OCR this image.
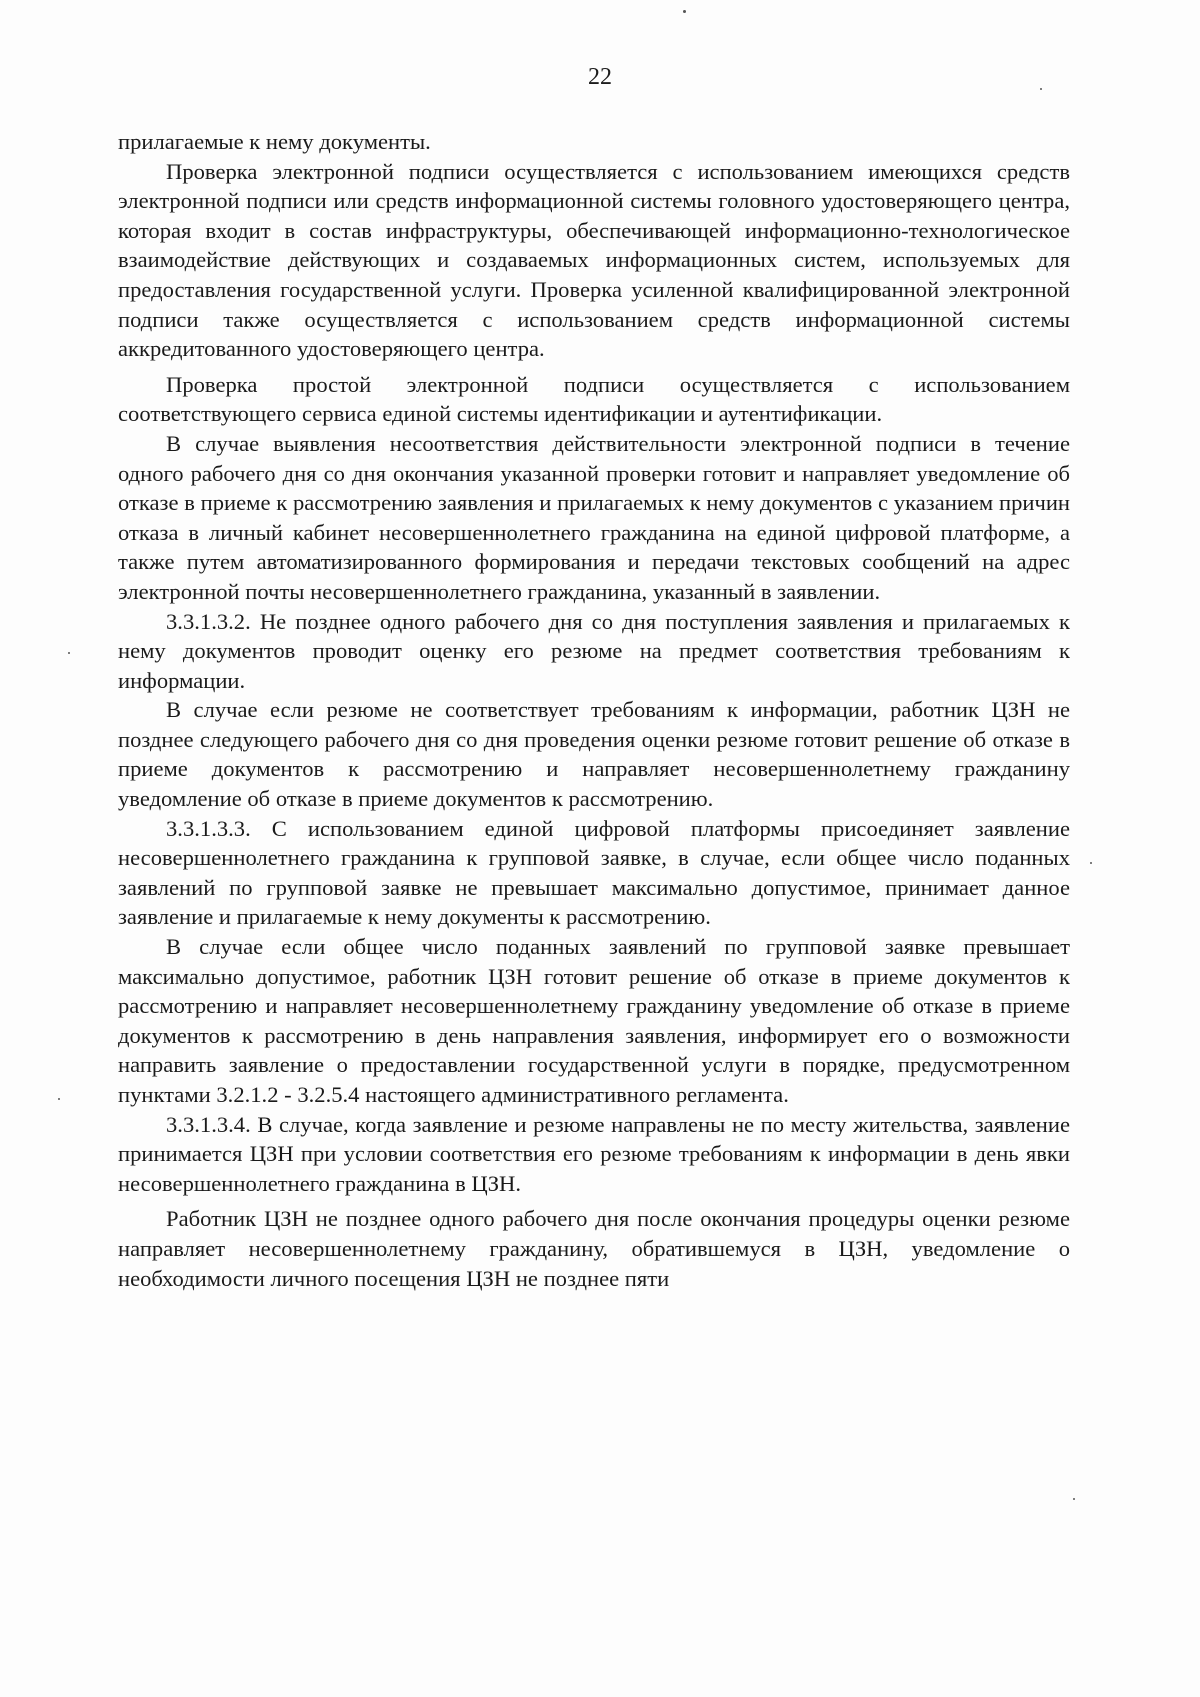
22

прилагаемые к нему документы.

Проверка электронной подписи осуществляется с использованием имеющихся средств электронной подписи или средств информационной системы головного удостоверяющего центра, которая входит в состав инфраструктуры, обеспечивающей информационно-технологическое взаимодействие действующих и создаваемых информационных систем, используемых для предоставления государственной услуги. Проверка усиленной квалифицированной электронной подписи также осуществляется с использованием средств информационной системы аккредитованного удостоверяющего центра.

Проверка простой электронной подписи осуществляется с использованием соответствующего сервиса единой системы идентификации и аутентификации.

В случае выявления несоответствия действительности электронной подписи в течение одного рабочего дня со дня окончания указанной проверки готовит и направляет уведомление об отказе в приеме к рассмотрению заявления и прилагаемых к нему документов с указанием причин отказа в личный кабинет несовершеннолетнего гражданина на единой цифровой платформе, а также путем автоматизированного формирования и передачи текстовых сообщений на адрес электронной почты несовершеннолетнего гражданина, указанный в заявлении.

3.3.1.3.2. Не позднее одного рабочего дня со дня поступления заявления и прилагаемых к нему документов проводит оценку его резюме на предмет соответствия требованиям к информации.

В случае если резюме не соответствует требованиям к информации, работник ЦЗН не позднее следующего рабочего дня со дня проведения оценки резюме готовит решение об отказе в приеме документов к рассмотрению и направляет несовершеннолетнему гражданину уведомление об отказе в приеме документов к рассмотрению.

3.3.1.3.3. С использованием единой цифровой платформы присоединяет заявление несовершеннолетнего гражданина к групповой заявке, в случае, если общее число поданных заявлений по групповой заявке не превышает максимально допустимое, принимает данное заявление и прилагаемые к нему документы к рассмотрению.

В случае если общее число поданных заявлений по групповой заявке превышает максимально допустимое, работник ЦЗН готовит решение об отказе в приеме документов к рассмотрению и направляет несовершеннолетнему гражданину уведомление об отказе в приеме документов к рассмотрению в день направления заявления, информирует его о возможности направить заявление о предоставлении государственной услуги в порядке, предусмотренном пунктами 3.2.1.2 - 3.2.5.4 настоящего административного регламента.

3.3.1.3.4. В случае, когда заявление и резюме направлены не по месту жительства, заявление принимается ЦЗН при условии соответствия его резюме требованиям к информации в день явки несовершеннолетнего гражданина в ЦЗН.

Работник ЦЗН не позднее одного рабочего дня после окончания процедуры оценки резюме направляет несовершеннолетнему гражданину, обратившемуся в ЦЗН, уведомление о необходимости личного посещения ЦЗН не позднее пяти
